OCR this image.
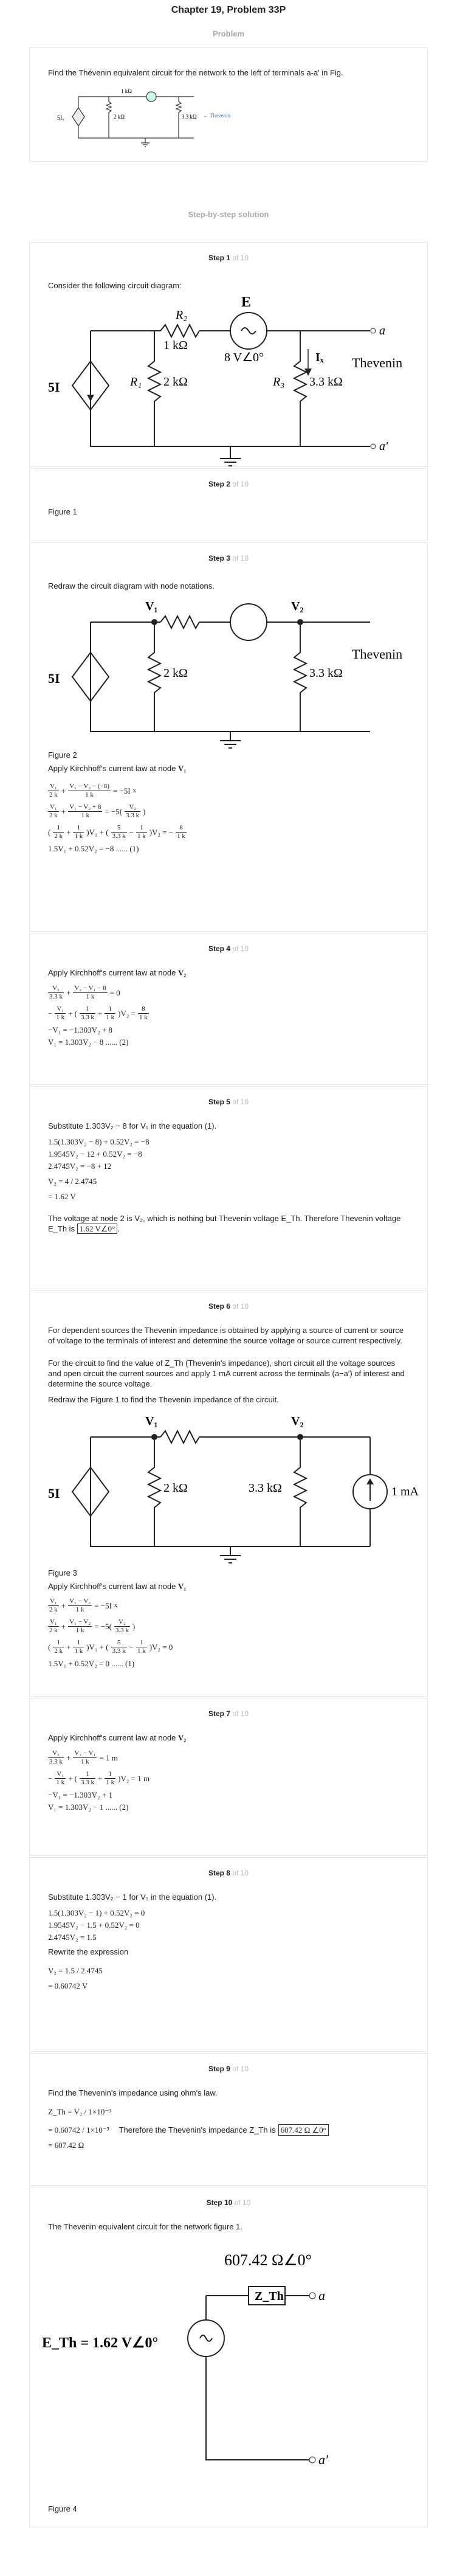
Chapter 19, Problem 33P
Problem
Find the Thévenin equivalent circuit for the network to the left of terminals a-a' in Fig.
5Iₓ	2 kΩ
1 kΩ
3.3 kΩ ← Thevenin
Step-by-step solution
Step 1 of 10
Consider the following circuit diagram:
5I	R₁ 2 kΩ
R₂
1 kΩ
E
8 V∠0°
R₃ 3.3 kΩ
Iₓ
a
a′
Thevenin
Step 2 of 10
Figure 1
Step 3 of 10
Redraw the circuit diagram with node notations.
V₁	V₂
5I	2 kΩ	3.3 kΩ
Thevenin
Figure 2
Apply Kirchhoff's current law at node V₁
V₁
2 k + V₁ − V₂ − (−8)
1 k	= −5I x
V₁
2 k + V₁ − V₂ + 8
1 k	= −5(	V₂
3.3 k )
( 1
2 k + 1
1 k )V₁ + (	5
3.3 k − 1
1 k )V₂ = − 8
1 k
1.5V₁ + 0.52V₂ = −8 ...... (1)
Step 4 of 10
Apply Kirchhoff's current law at node V₂
V₂
3.3 k + V₂ − V₁ − 8
1 k	= 0
− V₁
1 k + (	1
3.3 k + 1
1 k )V₂ = 8
1 k
−V₁ = −1.303V₂ + 8
V₁ = 1.303V₂ − 8 ...... (2)
Step 5 of 10
Substitute 1.303V₂ − 8 for V₁ in the equation (1).
1.5(1.303V₂ − 8) + 0.52V₂ = −8
1.9545V₂ − 12 + 0.52V₂ = −8
2.4745V₂ = −8 + 12
V₂ = 4 / 2.4745
= 1.62 V
The voltage at node 2 is V₂, which is nothing but Thevenin voltage E_Th. Therefore Thevenin voltage E_Th is 1.62 V∠0° .
Step 6 of 10
For dependent sources the Thevenin impedance is obtained by applying a source of current or source of voltage to the terminals of interest and determine the source voltage or source current respectively.
For the circuit to find the value of Z_Th (Thevenin's impedance), short circuit all the voltage sources and open circuit the current sources and apply 1 mA current across the terminals (a−a′) of interest and determine the source voltage.
Redraw the Figure 1 to find the Thevenin impedance of the circuit.
V₁	V₂
5I	2 kΩ	3.3 kΩ	1 mA
Figure 3
Apply Kirchhoff's current law at node V₁
V₁
2 k + V₁ − V₂
1 k	= −5I x
V₁
2 k + V₁ − V₂
1 k	= −5(	V₂
3.3 k )
( 1
2 k + 1
1 k )V₁ + (	5
3.3 k − 1
1 k )V₂ = 0
1.5V₁ + 0.52V₂ = 0 ...... (1)
Step 7 of 10
Apply Kirchhoff's current law at node V₂
V₂
3.3 k + V₂ − V₁
1 k	= 1 m
− V₁
1 k + (	1
3.3 k + 1
1 k )V₂ = 1 m
−V₁ = −1.303V₂ + 1
V₁ = 1.303V₂ − 1 ...... (2)
Step 8 of 10
Substitute 1.303V₂ − 1 for V₁ in the equation (1).
1.5(1.303V₂ − 1) + 0.52V₂ = 0
1.9545V₂ − 1.5 + 0.52V₂ = 0
2.4745V₂ = 1.5
Rewrite the expression
V₂ = 1.5 / 2.4745
= 0.60742 V
Step 9 of 10
Find the Thevenin's impedance using ohm's law.
Z_Th = V₂ / 1×10⁻³
= 0.60742 / 1×10⁻³ Therefore the Thevenin's impedance Z_Th is 607.42 Ω ∠0°
= 607.42 Ω
Step 10 of 10
The Thevenin equivalent circuit for the network figure 1.
607.42 Ω∠0°
Z_Th
E_Th = 1.62 V∠0°
a
a′
Figure 4
